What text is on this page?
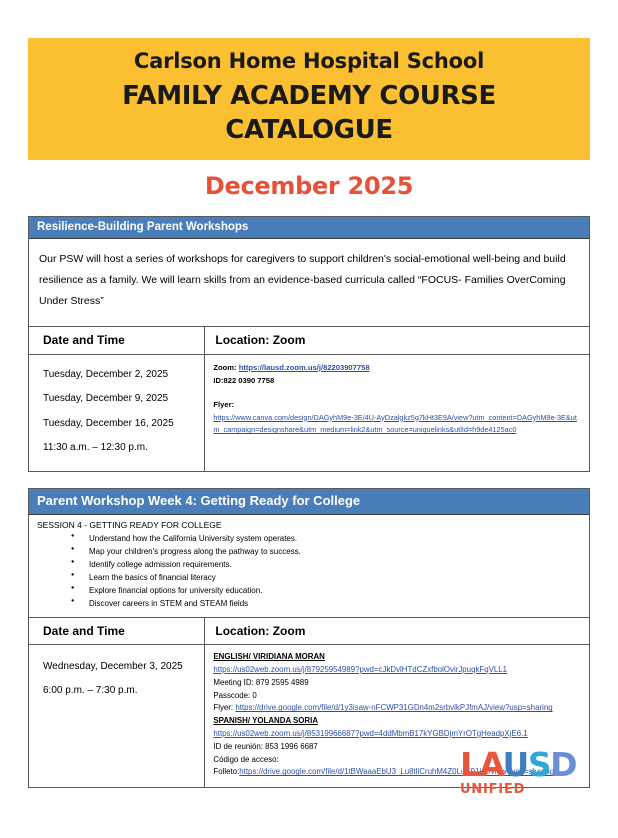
Carlson Home Hospital School
FAMILY ACADEMY COURSE CATALOGUE
December 2025
Resilience-Building Parent Workshops
Our PSW will host a series of workshops for caregivers to support children's social-emotional well-being and build resilience as a family. We will learn skills from an evidence-based curricula called “FOCUS- Families OverComing Under Stress”
Date and Time
Tuesday, December 2, 2025
Tuesday, December 9, 2025
Tuesday, December 16, 2025
11:30 a.m. – 12:30 p.m.
Location: Zoom
Zoom: https://lausd.zoom.us/j/82203907758
ID:822 0390 7758
Flyer:
https://www.canva.com/design/DAGyhM9e-3E/4U-AyDzalgkz5g7kHt3E9A/view?utm_content=DAGyhM9e-3E&utm_campaign=designshare&utm_medium=link2&utm_source=uniquelinks&utlId=h9de4125ac0
Parent Workshop Week 4: Getting Ready for College
SESSION 4 - GETTING READY FOR COLLEGE
● Understand how the California University system operates.
● Map your children's progress along the pathway to success.
● Identify college admission requirements.
● Learn the basics of financial literacy
● Explore financial options for university education.
● Discover careers in STEM and STEAM fields
Date and Time
Wednesday, December 3, 2025
6:00 p.m. – 7:30 p.m.
Location: Zoom
ENGLISH/ VIRIDIANA MORAN
https://us02web.zoom.us/j/87925954989?pwd=cJkDvlHTdCZxfbolOvirJpuqkFqVLL1
Meeting ID: 879 2595 4989
Passcode: 0
Flyer: https://drive.google.com/file/d/1y3isaw-nFCWP31GDn4m2srbvlkPJfmAJ/view?usp=sharing
SPANISH/ YOLANDA SORIA
https://us02web.zoom.us/j/85319966687?pwd=4ddMbmB17kYGBDjmYrOTgHeadpXjE6.1
ID de reunión: 853 1996 6687
Código de acceso:
Folleto:https://drive.google.com/file/d/1tBWaaaEbU3_Lu8tliCruhM4Z0LuE91kK/view?usp=sharing
LAUSD
UNIFIED
